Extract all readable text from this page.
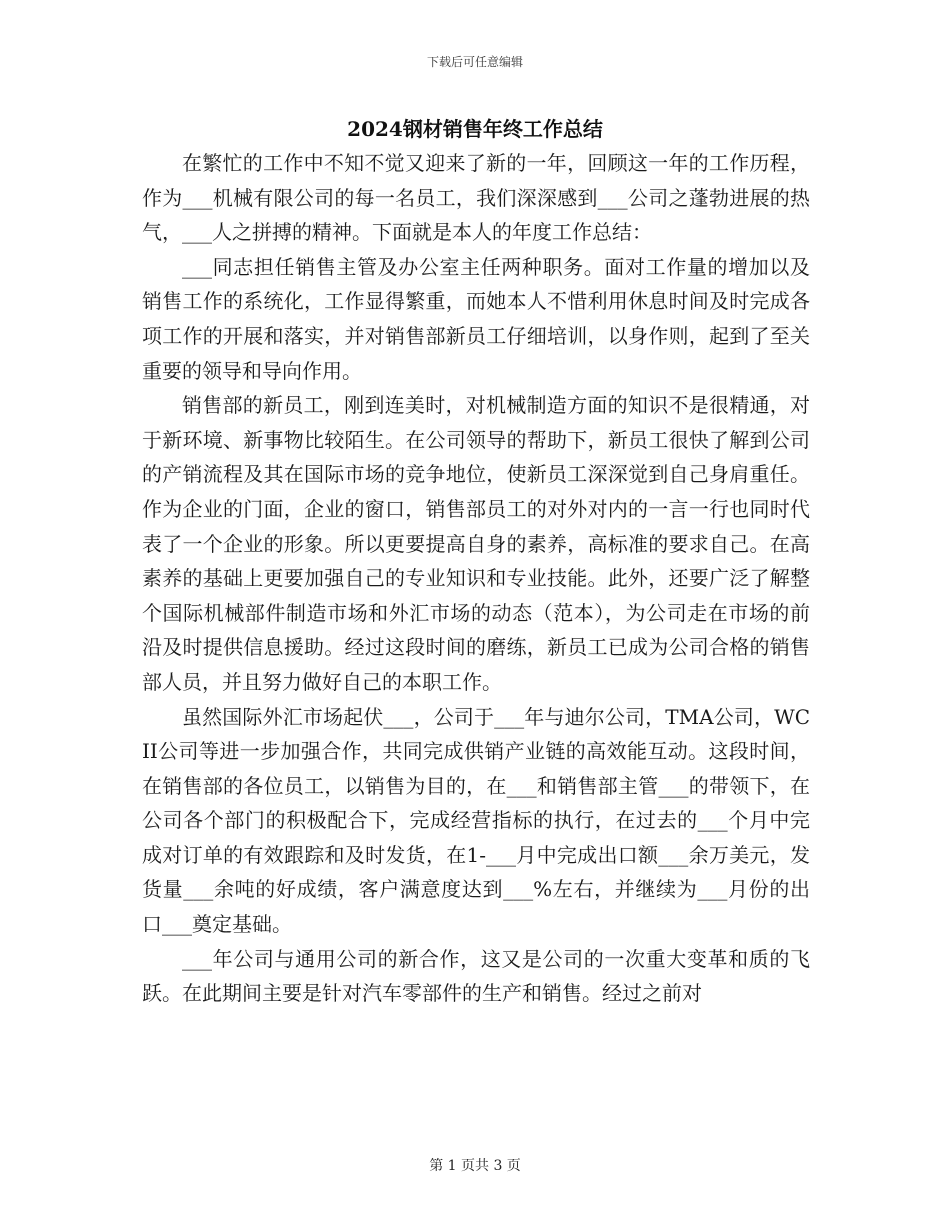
下载后可任意编辑
2024钢材销售年终工作总结

在繁忙的工作中不知不觉又迎来了新的一年，回顾这一年的工作历程，作为___机械有限公司的每一名员工，我们深深感到___公司之蓬勃进展的热气，___人之拼搏的精神。下面就是本人的年度工作总结：

___同志担任销售主管及办公室主任两种职务。面对工作量的增加以及销售工作的系统化，工作显得繁重，而她本人不惜利用休息时间及时完成各项工作的开展和落实，并对销售部新员工仔细培训，以身作则，起到了至关重要的领导和导向作用。

销售部的新员工，刚到连美时，对机械制造方面的知识不是很精通，对于新环境、新事物比较陌生。在公司领导的帮助下，新员工很快了解到公司的产销流程及其在国际市场的竞争地位，使新员工深深觉到自己身肩重任。作为企业的门面，企业的窗口，销售部员工的对外对内的一言一行也同时代表了一个企业的形象。所以更要提高自身的素养，高标准的要求自己。在高素养的基础上更要加强自己的专业知识和专业技能。此外，还要广泛了解整个国际机械部件制造市场和外汇市场的动态（范本），为公司走在市场的前沿及时提供信息援助。经过这段时间的磨练，新员工已成为公司合格的销售部人员，并且努力做好自己的本职工作。

虽然国际外汇市场起伏___，公司于___年与迪尔公司，TMA公司，WCII公司等进一步加强合作，共同完成供销产业链的高效能互动。这段时间，在销售部的各位员工，以销售为目的，在___和销售部主管___的带领下，在公司各个部门的积极配合下，完成经营指标的执行，在过去的___个月中完成对订单的有效跟踪和及时发货，在1-___月中完成出口额___余万美元，发货量___余吨的好成绩，客户满意度达到___%左右，并继续为___月份的出口___奠定基础。

___年公司与通用公司的新合作，这又是公司的一次重大变革和质的飞跃。在此期间主要是针对汽车零部件的生产和销售。经过之前对

第 1 页共 3 页
